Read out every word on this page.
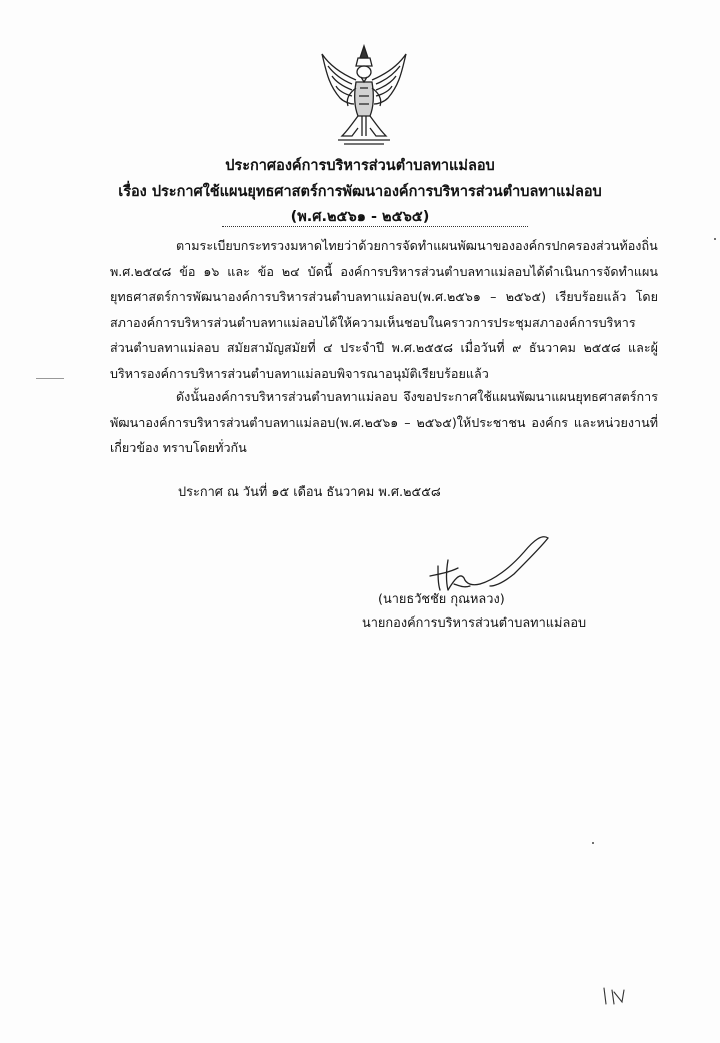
ประกาศองค์การบริหารส่วนตำบลทาแม่ลอบ
เรื่อง ประกาศใช้แผนยุทธศาสตร์การพัฒนาองค์การบริหารส่วนตำบลทาแม่ลอบ
(พ.ศ.๒๕๖๑ - ๒๕๖๕)

ตามระเบียบกระทรวงมหาดไทยว่าด้วยการจัดทำแผนพัฒนาขององค์กรปกครองส่วนท้องถิ่น พ.ศ.๒๕๔๘ ข้อ ๑๖ และ ข้อ ๒๔ บัดนี้ องค์การบริหารส่วนตำบลทาแม่ลอบได้ดำเนินการจัดทำแผนยุทธศาสตร์การพัฒนาองค์การบริหารส่วนตำบลทาแม่ลอบ(พ.ศ.๒๕๖๑ – ๒๕๖๕) เรียบร้อยแล้ว โดยสภาองค์การบริหารส่วนตำบลทาแม่ลอบได้ให้ความเห็นชอบในคราวการประชุมสภาองค์การบริหารส่วนตำบลทาแม่ลอบ สมัยสามัญสมัยที่ ๔ ประจำปี พ.ศ.๒๕๕๘ เมื่อวันที่ ๙ ธันวาคม ๒๕๕๘ และผู้บริหารองค์การบริหารส่วนตำบลทาแม่ลอบพิจารณาอนุมัติเรียบร้อยแล้ว

ดังนั้นองค์การบริหารส่วนตำบลทาแม่ลอบ จึงขอประกาศใช้แผนพัฒนาแผนยุทธศาสตร์การพัฒนาองค์การบริหารส่วนตำบลทาแม่ลอบ(พ.ศ.๒๕๖๑ – ๒๕๖๕)ให้ประชาชน องค์กร และหน่วยงานที่เกี่ยวข้อง ทราบโดยทั่วกัน

ประกาศ ณ วันที่ ๑๕ เดือน ธันวาคม พ.ศ.๒๕๕๘
(นายธวัชชัย กุณหลวง)
นายกองค์การบริหารส่วนตำบลทาแม่ลอบ
